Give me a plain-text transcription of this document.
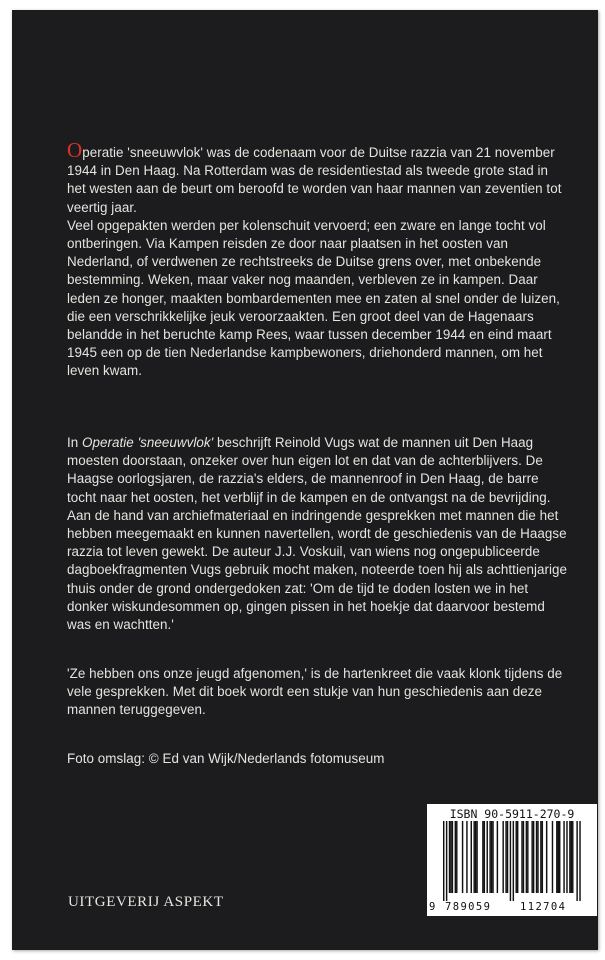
Operatie 'sneeuwvlok' was de codenaam voor de Duitse razzia van 21 november 1944 in Den Haag. Na Rotterdam was de residentiestad als tweede grote stad in het westen aan de beurt om beroofd te worden van haar mannen van zeventien tot veertig jaar.

Veel opgepakten werden per kolenschuit vervoerd; een zware en lange tocht vol ontberingen. Via Kampen reisden ze door naar plaatsen in het oosten van Nederland, of verdwenen ze rechtstreeks de Duitse grens over, met onbekende bestemming. Weken, maar vaker nog maanden, verbleven ze in kampen. Daar leden ze honger, maakten bombardementen mee en zaten al snel onder de luizen, die een verschrikkelijke jeuk veroorzaakten. Een groot deel van de Hagenaars belandde in het beruchte kamp Rees, waar tussen december 1944 en eind maart 1945 een op de tien Nederlandse kampbewoners, driehonderd mannen, om het leven kwam.

In Operatie 'sneeuwvlok' beschrijft Reinold Vugs wat de mannen uit Den Haag moesten doorstaan, onzeker over hun eigen lot en dat van de achterblijvers. De Haagse oorlogsjaren, de razzia's elders, de mannenroof in Den Haag, de barre tocht naar het oosten, het verblijf in de kampen en de ontvangst na de bevrijding. Aan de hand van archiefmateriaal en indringende gesprekken met mannen die het hebben meegemaakt en kunnen navertellen, wordt de geschiedenis van de Haagse razzia tot leven gewekt. De auteur J.J. Voskuil, van wiens nog ongepubliceerde dagboekfragmenten Vugs gebruik mocht maken, noteerde toen hij als achttienjarige thuis onder de grond ondergedoken zat: 'Om de tijd te doden losten we in het donker wiskundesommen op, gingen pissen in het hoekje dat daarvoor bestemd was en wachtten.'

'Ze hebben ons onze jeugd afgenomen,' is de hartenkreet die vaak klonk tijdens de vele gesprekken. Met dit boek wordt een stukje van hun geschiedenis aan deze mannen teruggegeven.

Foto omslag: © Ed van Wijk/Nederlands fotomuseum

UITGEVERIJ ASPEKT
ISBN 90-5911-270-9
9 789059	112704
